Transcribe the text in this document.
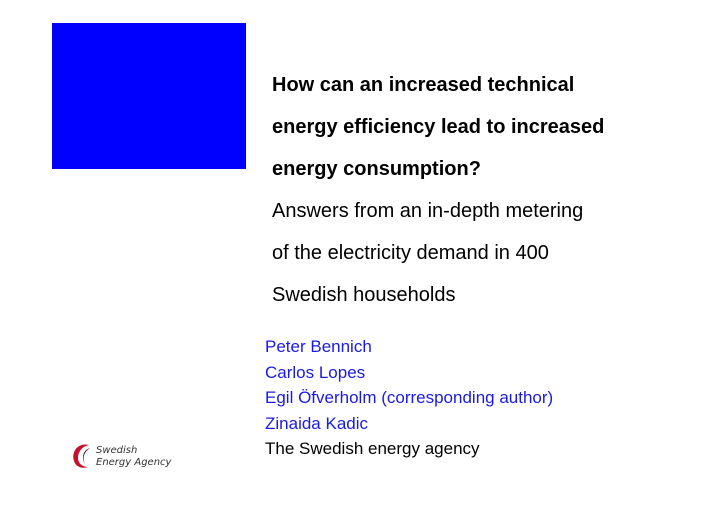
How can an increased technical
energy efficiency lead to increased
energy consumption?
Answers from an in-depth metering
of the electricity demand in 400
Swedish households
Peter Bennich
Carlos Lopes
Egil Öfverholm (corresponding author)
Zinaida Kadic
The Swedish energy agency
Swedish
Energy Agency
